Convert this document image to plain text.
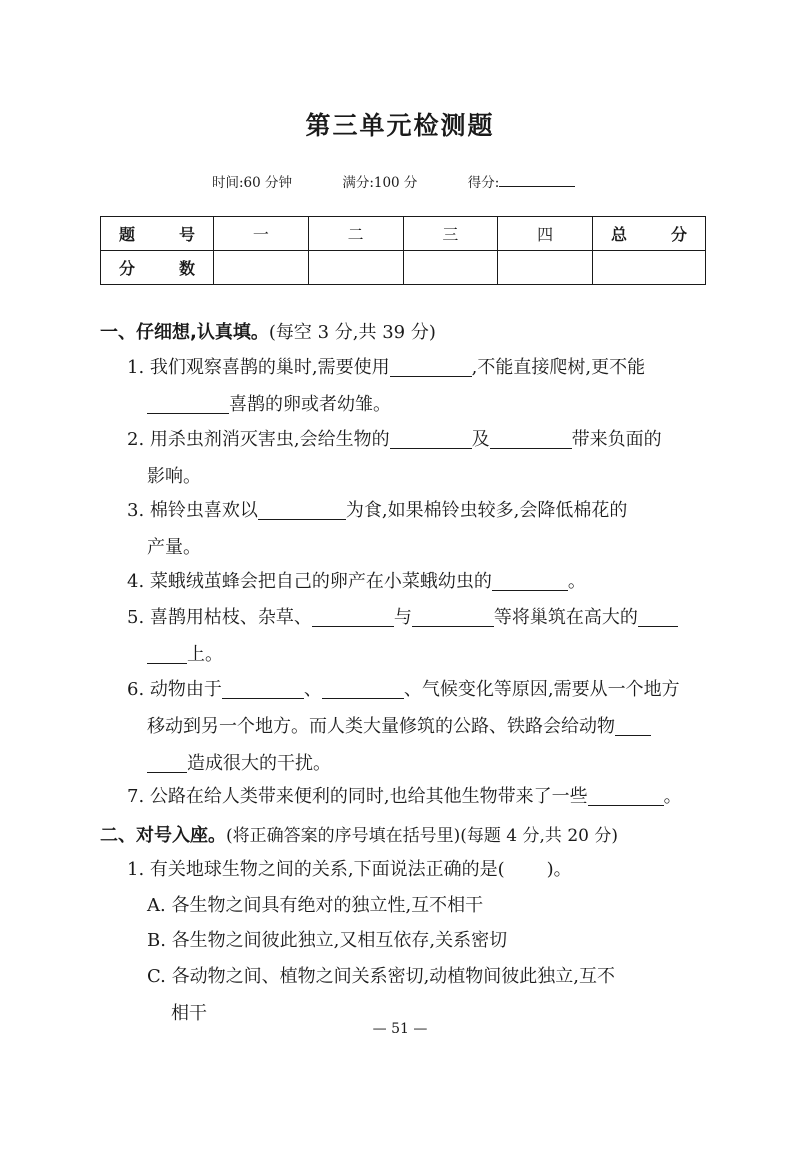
第三单元检测题
时间:60 分钟	满分:100 分	得分:
题　号	一	二	三	四	总　分
分　数					
一、仔细想,认真填。(每空 3 分,共 39 分)
1. 我们观察喜鹊的巢时,需要使用	,不能直接爬树,更不能
喜鹊的卵或者幼雏。
2. 用杀虫剂消灭害虫,会给生物的	及	带来负面的
影响。
3. 棉铃虫喜欢以	为食,如果棉铃虫较多,会降低棉花的
产量。
4. 菜蛾绒茧蜂会把自己的卵产在小菜蛾幼虫的	。
5. 喜鹊用枯枝、杂草、	与	等将巢筑在高大的
上。
6. 动物由于	、	、气候变化等原因,需要从一个地方
移动到另一个地方。而人类大量修筑的公路、铁路会给动物
造成很大的干扰。
7. 公路在给人类带来便利的同时,也给其他生物带来了一些	。
二、对号入座。(将正确答案的序号填在括号里)(每题 4 分,共 20 分)
1. 有关地球生物之间的关系,下面说法正确的是( )。
A. 各生物之间具有绝对的独立性,互不相干
B. 各生物之间彼此独立,又相互依存,关系密切
C. 各动物之间、植物之间关系密切,动植物间彼此独立,互不
相干
— 51 —
